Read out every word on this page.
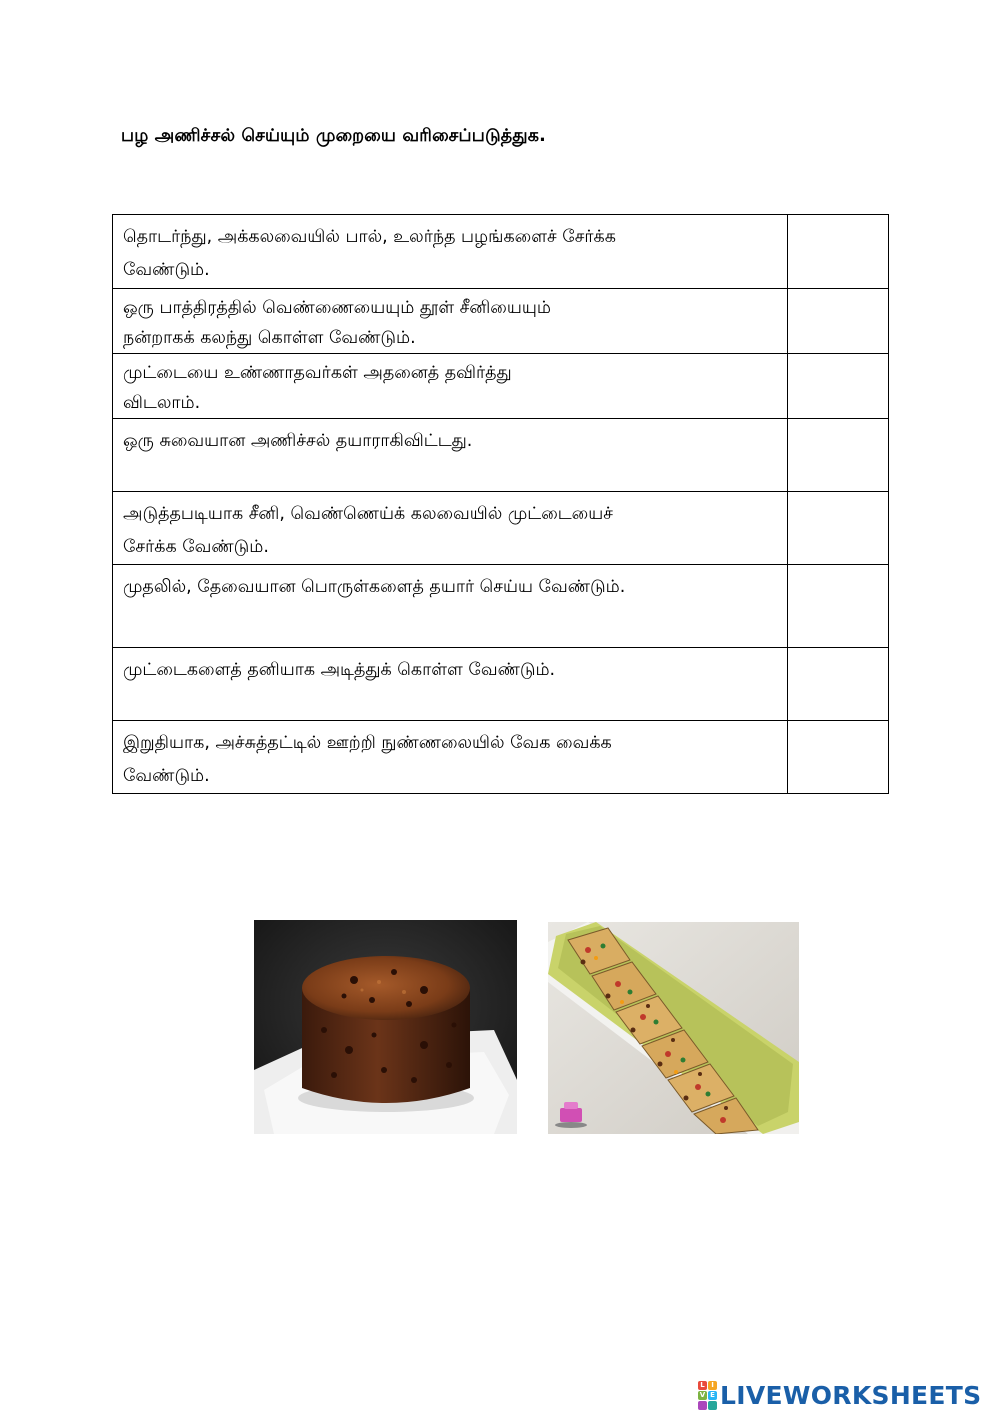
பழ அணிச்சல் செய்யும் முறையை வரிசைப்படுத்துக.
தொடர்ந்து, அக்கலவையில் பால், உலர்ந்த பழங்களைச் சேர்க்க
வேண்டும்.	

ஒரு பாத்திரத்தில் வெண்ணையையும் தூள் சீனியையும்
நன்றாகக் கலந்து கொள்ள வேண்டும்.	

முட்டையை உண்ணாதவர்கள் அதனைத் தவிர்த்து
விடலாம்.	

ஒரு சுவையான அணிச்சல் தயாராகிவிட்டது.	

அடுத்தபடியாக சீனி, வெண்ணெய்க் கலவையில் முட்டையைச்
சேர்க்க வேண்டும்.	

முதலில், தேவையான பொருள்களைத் தயார் செய்ய வேண்டும்.	

முட்டைகளைத் தனியாக அடித்துக் கொள்ள வேண்டும்.	

இறுதியாக, அச்சுத்தட்டில் ஊற்றி நுண்ணலையில் வேக வைக்க
வேண்டும்.	

L I
V E LIVEWORKSHEETS
